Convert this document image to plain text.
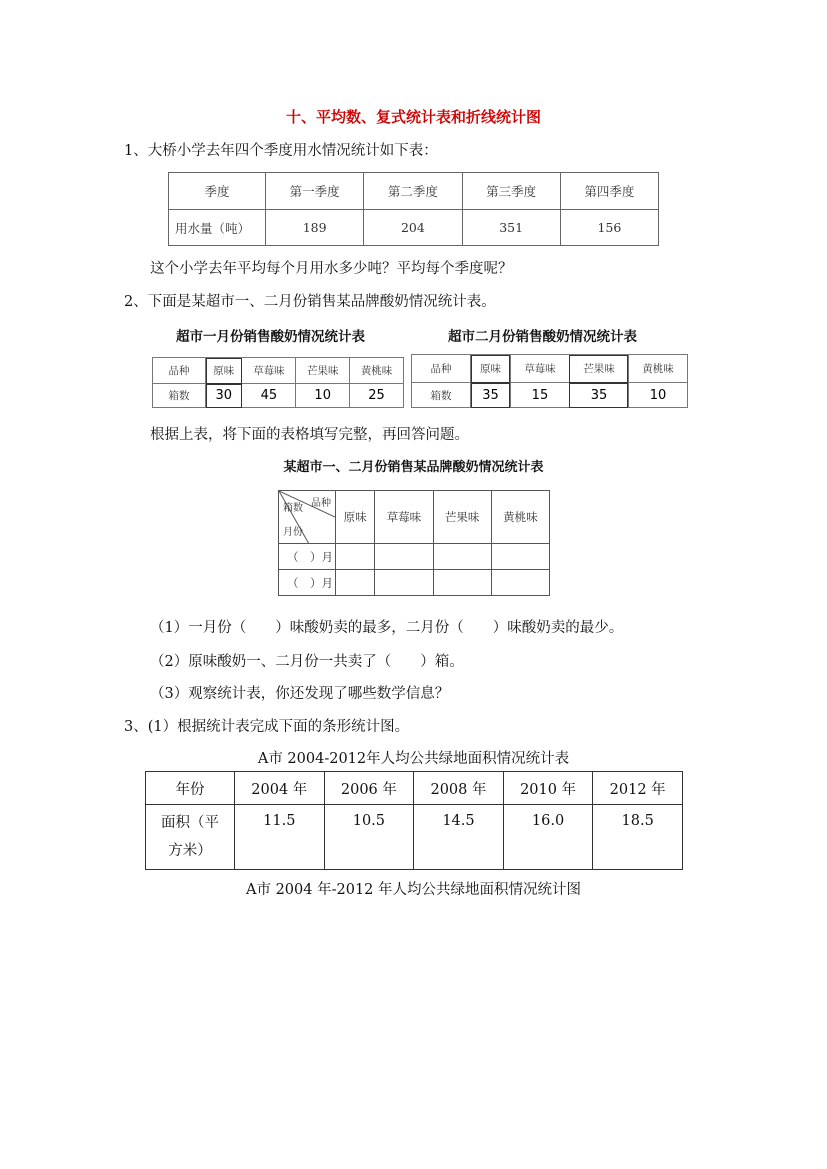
十、平均数、复式统计表和折线统计图
1、大桥小学去年四个季度用水情况统计如下表：
季度	第一季度	第二季度	第三季度	第四季度
用水量（吨）	189	204	351	156
这个小学去年平均每个月用水多少吨？平均每个季度呢？
2、下面是某超市一、二月份销售某品牌酸奶情况统计表。
超市一月份销售酸奶情况统计表	超市二月份销售酸奶情况统计表
品种	原味	草莓味	芒果味	黄桃味
箱数	30	45	10	25
品种	原味	草莓味	芒果味	黄桃味
箱数	35	15	35	10
根据上表，将下面的表格填写完整，再回答问题。
某超市一、二月份销售某品牌酸奶情况统计表
品种
箱数
月份	原味	草莓味	芒果味	黄桃味
（　）月				
（　）月				
（1）一月份（　　）味酸奶卖的最多，二月份（　　）味酸奶卖的最少。
（2）原味酸奶一、二月份一共卖了（　　）箱。
（3）观察统计表，你还发现了哪些数学信息？
3、(1）根据统计表完成下面的条形统计图。
A市 2004-2012年人均公共绿地面积情况统计表
年份	2004 年	2006 年	2008 年	2010 年	2012 年

面积（平
方米）	11.5	10.5	14.5	16.0	18.5
A市 2004 年-2012 年人均公共绿地面积情况统计图
